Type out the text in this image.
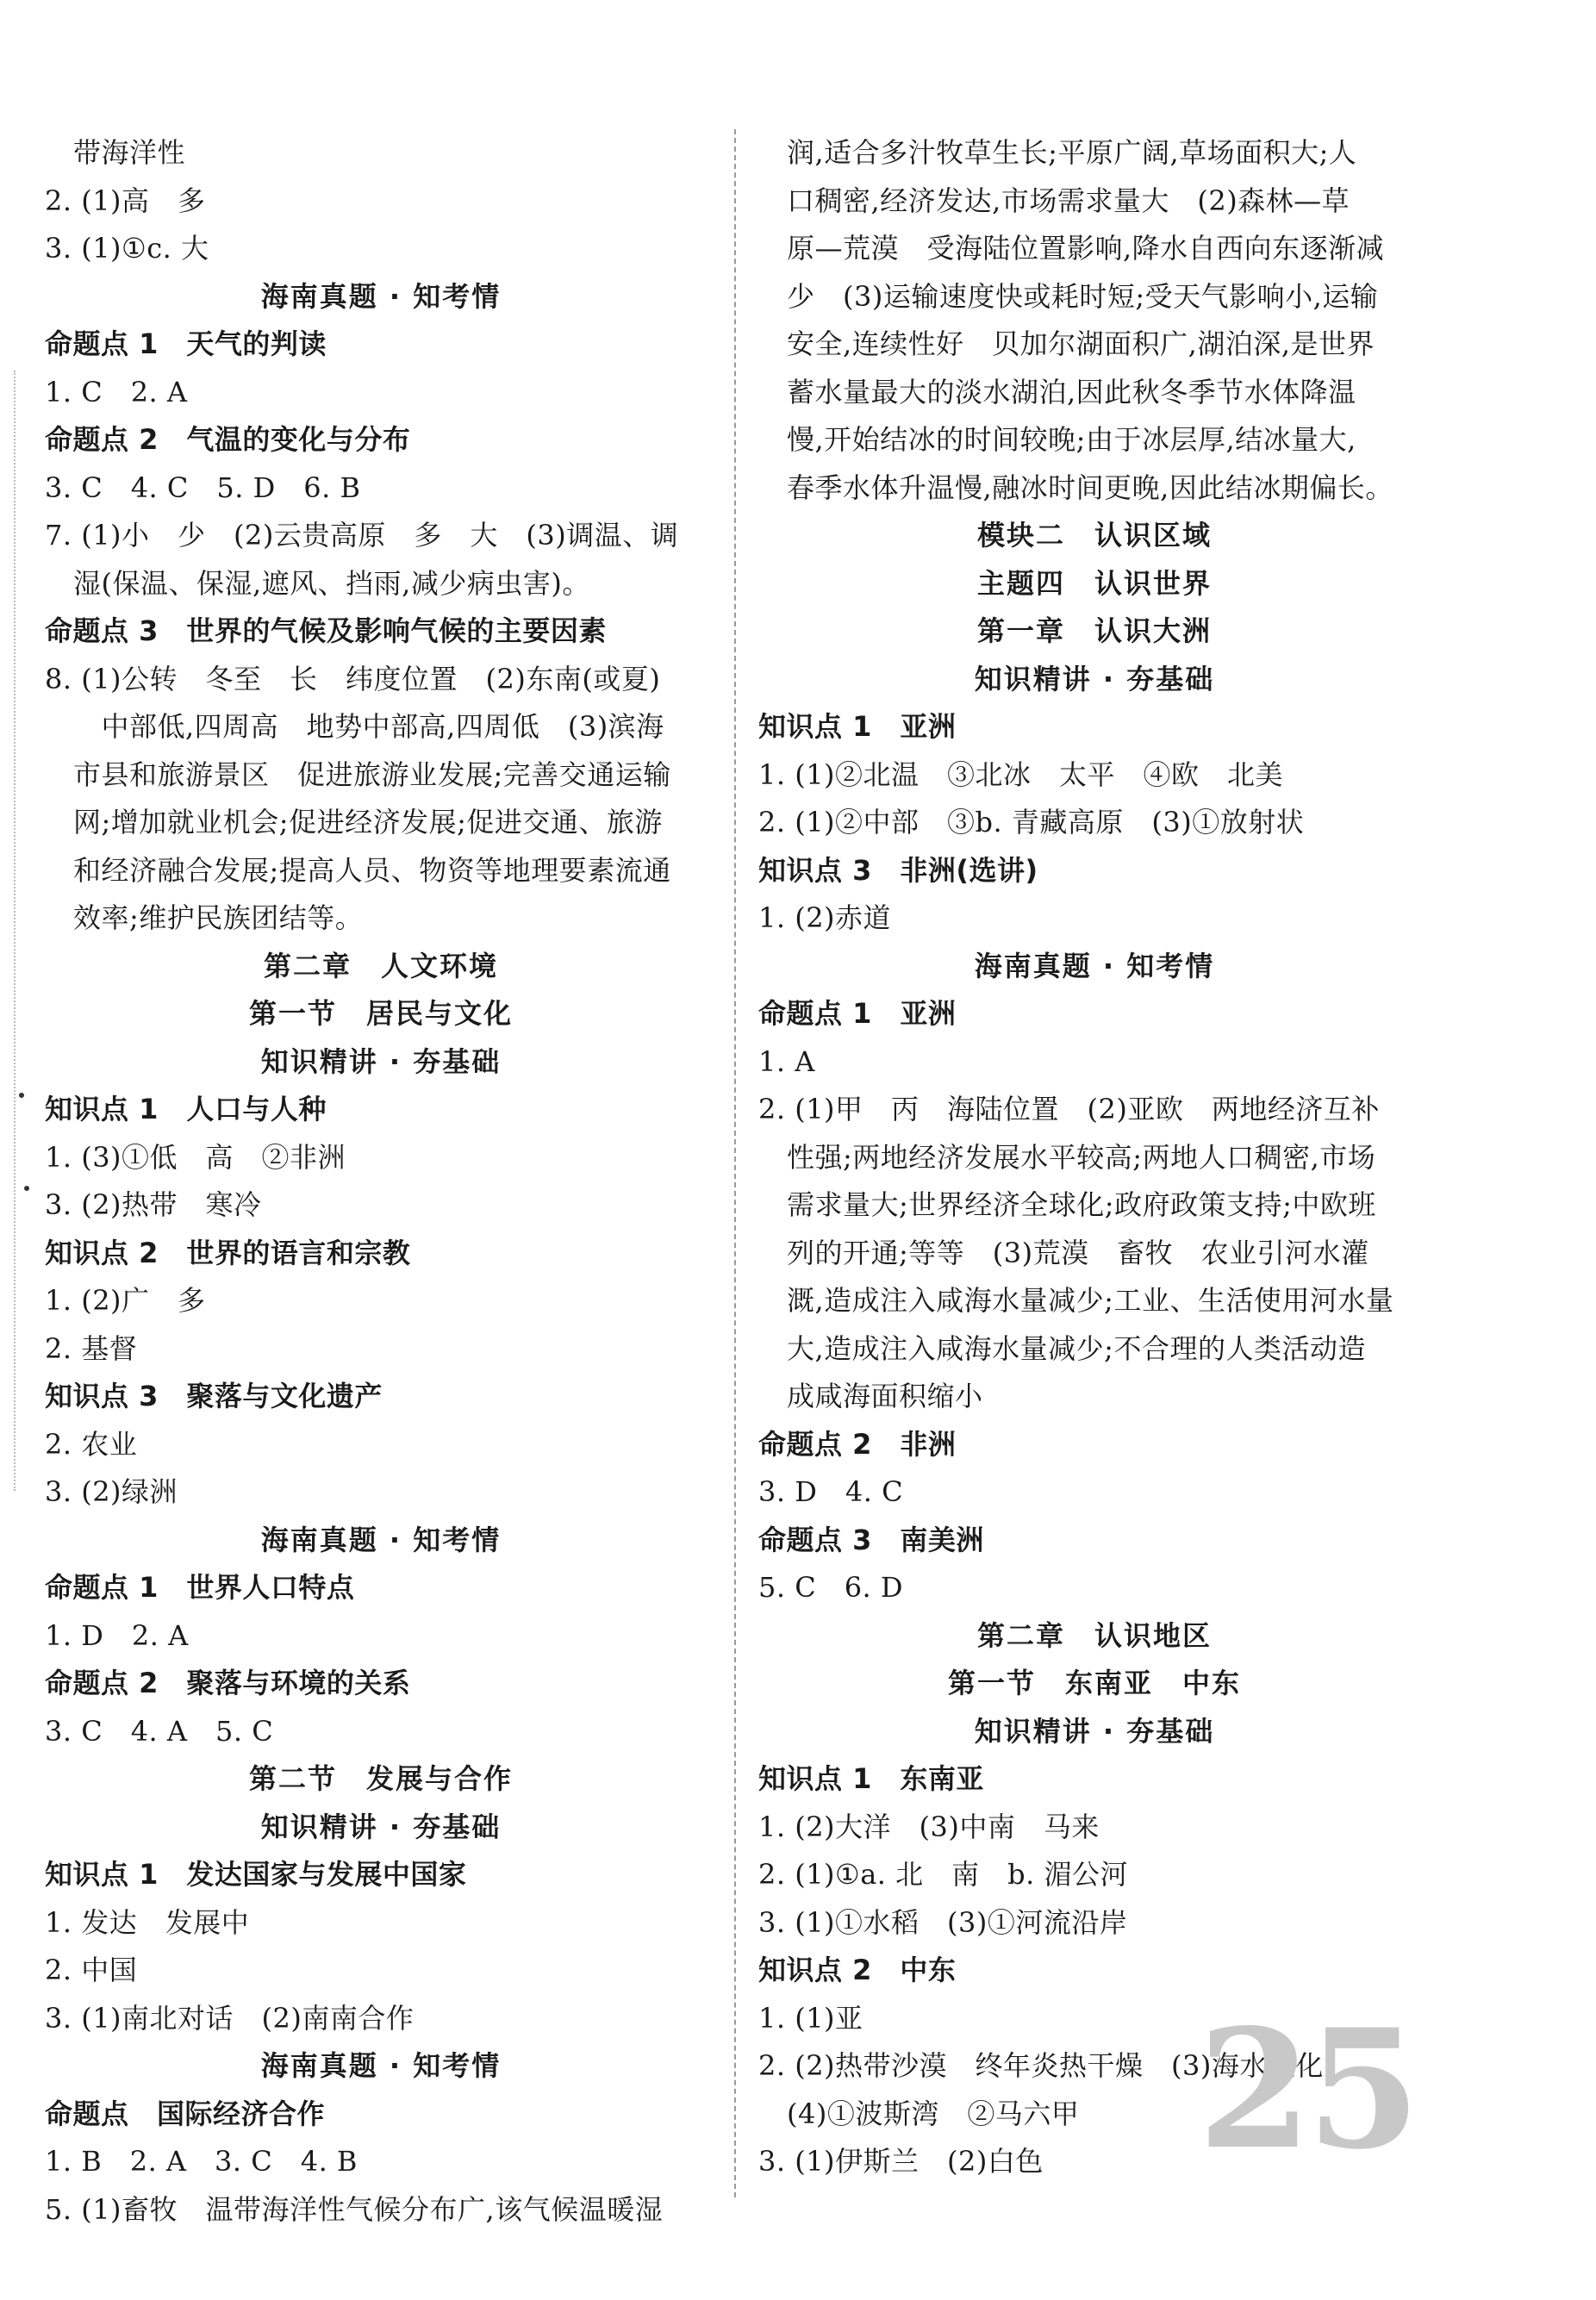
带海洋性
2. (1)高　多
3. (1)①c. 大
海南真题 · 知考情
命题点 1　天气的判读
1. C　2. A
命题点 2　气温的变化与分布
3. C　4. C　5. D　6. B
7. (1)小　少　(2)云贵高原　多　大　(3)调温、调
湿(保温、保湿,遮风、挡雨,减少病虫害)。
命题点 3　世界的气候及影响气候的主要因素
8. (1)公转　冬至　长　纬度位置　(2)东南(或夏)
　中部低,四周高　地势中部高,四周低　(3)滨海
市县和旅游景区　促进旅游业发展;完善交通运输
网;增加就业机会;促进经济发展;促进交通、旅游
和经济融合发展;提高人员、物资等地理要素流通
效率;维护民族团结等。
第二章　人文环境
第一节　居民与文化
知识精讲 · 夯基础
知识点 1　人口与人种
1. (3)①低　高　②非洲
3. (2)热带　寒冷
知识点 2　世界的语言和宗教
1. (2)广　多
2. 基督
知识点 3　聚落与文化遗产
2. 农业
3. (2)绿洲
海南真题 · 知考情
命题点 1　世界人口特点
1. D　2. A
命题点 2　聚落与环境的关系
3. C　4. A　5. C
第二节　发展与合作
知识精讲 · 夯基础
知识点 1　发达国家与发展中国家
1. 发达　发展中
2. 中国
3. (1)南北对话　(2)南南合作
海南真题 · 知考情
命题点　国际经济合作
1. B　2. A　3. C　4. B
5. (1)畜牧　温带海洋性气候分布广,该气候温暖湿
润,适合多汁牧草生长;平原广阔,草场面积大;人
口稠密,经济发达,市场需求量大　(2)森林—草
原—荒漠　受海陆位置影响,降水自西向东逐渐减
少　(3)运输速度快或耗时短;受天气影响小,运输
安全,连续性好　贝加尔湖面积广,湖泊深,是世界
蓄水量最大的淡水湖泊,因此秋冬季节水体降温
慢,开始结冰的时间较晚;由于冰层厚,结冰量大,
春季水体升温慢,融冰时间更晚,因此结冰期偏长。
模块二　认识区域
主题四　认识世界
第一章　认识大洲
知识精讲 · 夯基础
知识点 1　亚洲
1. (1)②北温　③北冰　太平　④欧　北美
2. (1)②中部　③b. 青藏高原　(3)①放射状
知识点 3　非洲(选讲)
1. (2)赤道
海南真题 · 知考情
命题点 1　亚洲
1. A
2. (1)甲　丙　海陆位置　(2)亚欧　两地经济互补
性强;两地经济发展水平较高;两地人口稠密,市场
需求量大;世界经济全球化;政府政策支持;中欧班
列的开通;等等　(3)荒漠　畜牧　农业引河水灌
溉,造成注入咸海水量减少;工业、生活使用河水量
大,造成注入咸海水量减少;不合理的人类活动造
成咸海面积缩小
命题点 2　非洲
3. D　4. C
命题点 3　南美洲
5. C　6. D
第二章　认识地区
第一节　东南亚　中东
知识精讲 · 夯基础
知识点 1　东南亚
1. (2)大洋　(3)中南　马来
2. (1)①a. 北　南　b. 湄公河
3. (1)①水稻　(3)①河流沿岸
知识点 2　中东
1. (1)亚
2. (2)热带沙漠　终年炎热干燥　(3)海水淡化
(4)①波斯湾　②马六甲
3. (1)伊斯兰　(2)白色 25
